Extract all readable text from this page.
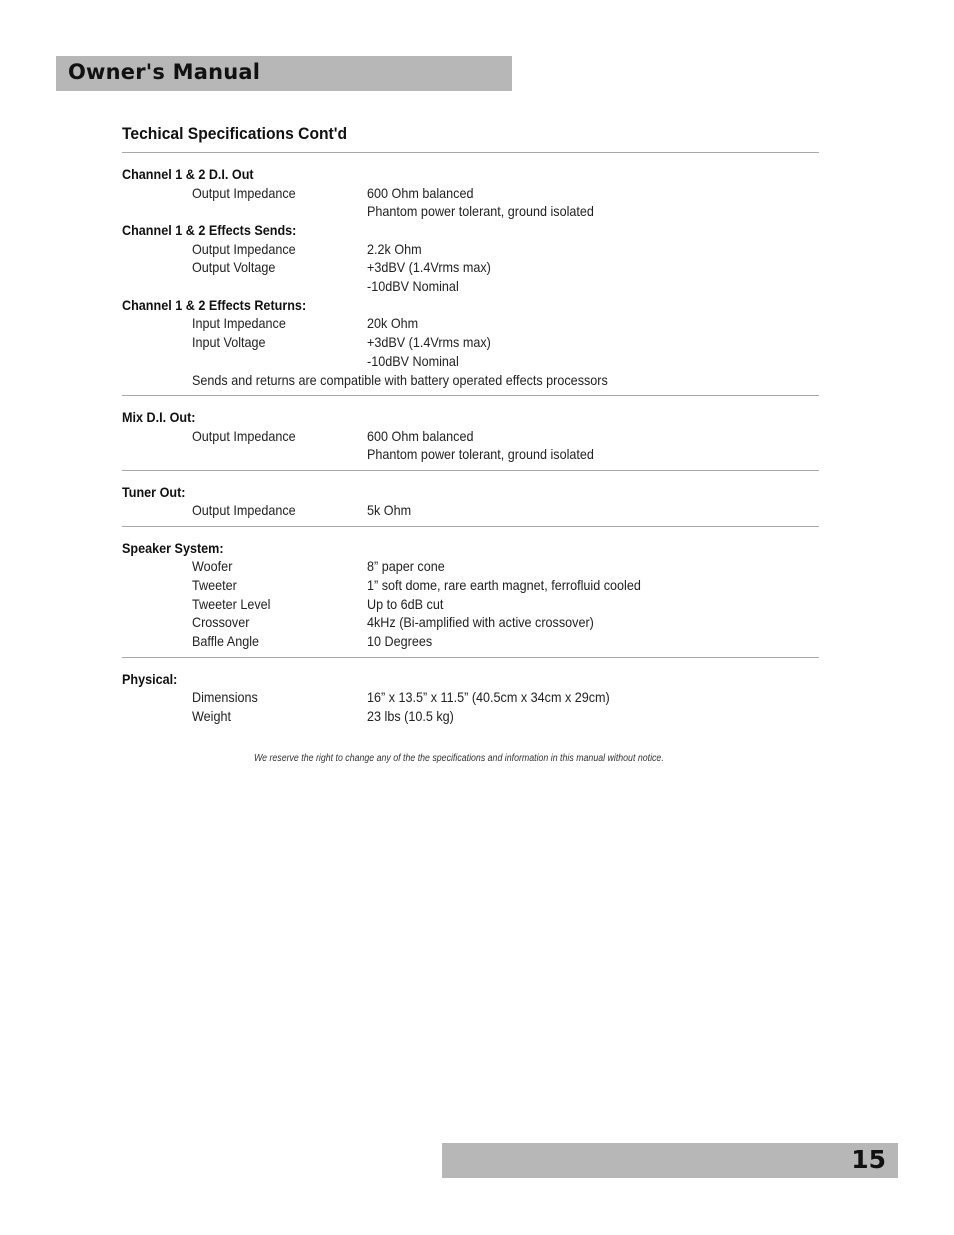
Owner's Manual
Techical Specifications Cont'd
Channel 1 & 2 D.I. Out
Output Impedance	600 Ohm balanced
Phantom power tolerant, ground isolated
Channel 1 & 2 Effects Sends:
Output Impedance	2.2k Ohm
Output Voltage	+3dBV (1.4Vrms max)
-10dBV Nominal
Channel 1 & 2 Effects Returns:
Input Impedance	20k Ohm
Input Voltage	+3dBV (1.4Vrms max)
-10dBV Nominal
Sends and returns are compatible with battery operated effects processors
Mix D.I. Out:
Output Impedance	600 Ohm balanced
Phantom power tolerant, ground isolated
Tuner Out:
Output Impedance	5k Ohm
Speaker System:
Woofer	8” paper cone
Tweeter	1” soft dome, rare earth magnet, ferrofluid cooled
Tweeter Level	Up to 6dB cut
Crossover	4kHz (Bi-amplified with active crossover)
Baffle Angle	10 Degrees
Physical:
Dimensions	16” x 13.5” x 11.5” (40.5cm x 34cm x 29cm)
Weight	23 lbs (10.5 kg)
We reserve the right to change any of the the specifications and information in this manual without notice.
15
